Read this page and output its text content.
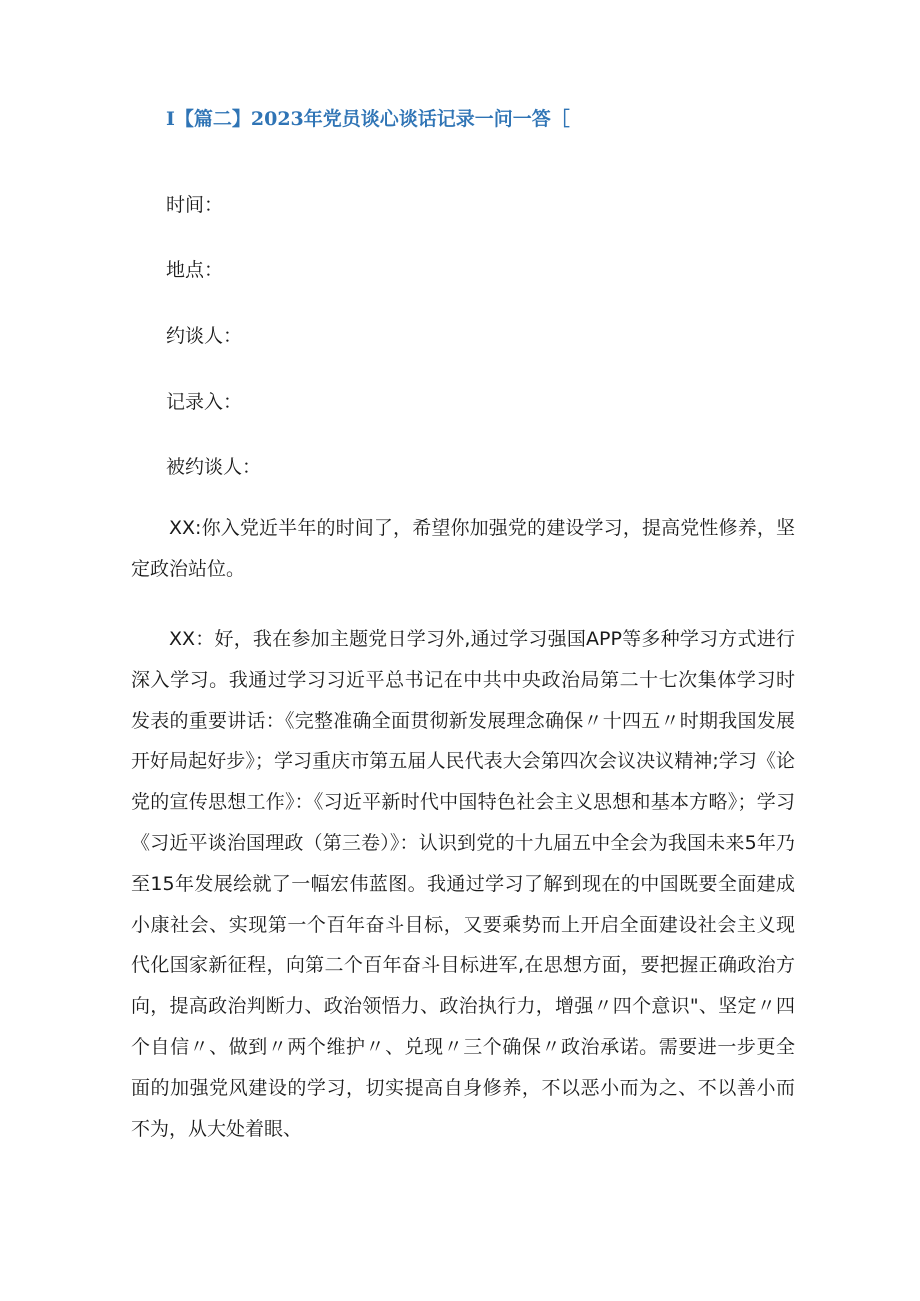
I【篇二】2023年党员谈心谈话记录一问一答［
时间：
地点：
约谈人：
记录入：
被约谈人：

XX:你入党近半年的时间了，希望你加强党的建设学习，提高党性修养，坚定政治站位。

XX：好，我在参加主题党日学习外,通过学习强国APP等多种学习方式进行深入学习。我通过学习习近平总书记在中共中央政治局第二十七次集体学习时发表的重要讲话：《完整准确全面贯彻新发展理念确保〃十四五〃时期我国发展开好局起好步》；学习重庆市第五届人民代表大会第四次会议决议精神;学习《论党的宣传思想工作》：《习近平新时代中国特色社会主义思想和基本方略》；学习《习近平谈治国理政（第三卷）》：认识到党的十九届五中全会为我国未来5年乃至15年发展绘就了一幅宏伟蓝图。我通过学习了解到现在的中国既要全面建成小康社会、实现第一个百年奋斗目标，又要乘势而上开启全面建设社会主义现代化国家新征程，向第二个百年奋斗目标进军,在思想方面，要把握正确政治方向，提高政治判断力、政治领悟力、政治执行力，增强〃四个意识"、坚定〃四个自信〃、做到〃两个维护〃、兑现〃三个确保〃政治承诺。需要进一步更全面的加强党风建设的学习，切实提高自身修养，不以恶小而为之、不以善小而不为，从大处着眼、
